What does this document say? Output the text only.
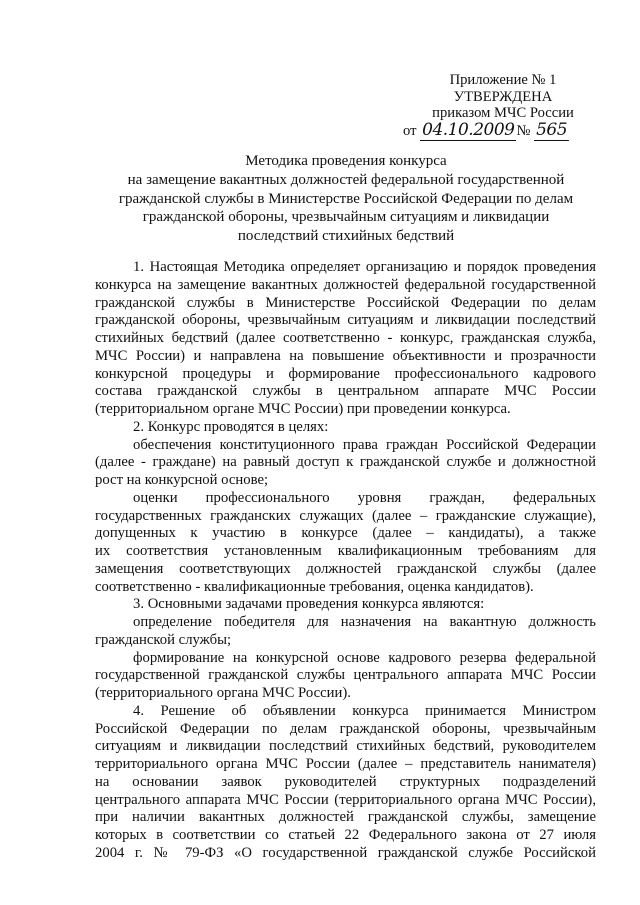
Приложение № 1
УТВЕРЖДЕНА
приказом МЧС России
от 04.10.2009 № 565
Методика проведения конкурса
на замещение вакантных должностей федеральной государственной
гражданской службы в Министерстве Российской Федерации по делам
гражданской обороны, чрезвычайным ситуациям и ликвидации
последствий стихийных бедствий

1. Настоящая Методика определяет организацию и порядок проведения

конкурса на замещение вакантных должностей федеральной государственной

гражданской службы в Министерстве Российской Федерации по делам

гражданской обороны, чрезвычайным ситуациям и ликвидации последствий

стихийных бедствий (далее соответственно - конкурс, гражданская служба,

МЧС России) и направлена на повышение объективности и прозрачности

конкурсной процедуры и формирование профессионального кадрового

состава гражданской службы в центральном аппарате МЧС России

(территориальном органе МЧС России) при проведении конкурса.

2. Конкурс проводятся в целях:

обеспечения конституционного права граждан Российской Федерации

(далее - граждане) на равный доступ к гражданской службе и должностной

рост на конкурсной основе;

оценки профессионального уровня граждан, федеральных

государственных гражданских служащих (далее – гражданские служащие),

допущенных к участию в конкурсе (далее – кандидаты), а также

их соответствия установленным квалификационным требованиям для

замещения соответствующих должностей гражданской службы (далее

соответственно - квалификационные требования, оценка кандидатов).

3. Основными задачами проведения конкурса являются:

определение победителя для назначения на вакантную должность

гражданской службы;

формирование на конкурсной основе кадрового резерва федеральной

государственной гражданской службы центрального аппарата МЧС России

(территориального органа МЧС России).

4. Решение об объявлении конкурса принимается Министром

Российской Федерации по делам гражданской обороны, чрезвычайным

ситуациям и ликвидации последствий стихийных бедствий, руководителем

территориального органа МЧС России (далее – представитель нанимателя)

на основании заявок руководителей структурных подразделений

центрального аппарата МЧС России (территориального органа МЧС России),

при наличии вакантных должностей гражданской службы, замещение

которых в соответствии со статьей 22 Федерального закона от 27 июля

2004 г. № 79-ФЗ «О государственной гражданской службе Российской
